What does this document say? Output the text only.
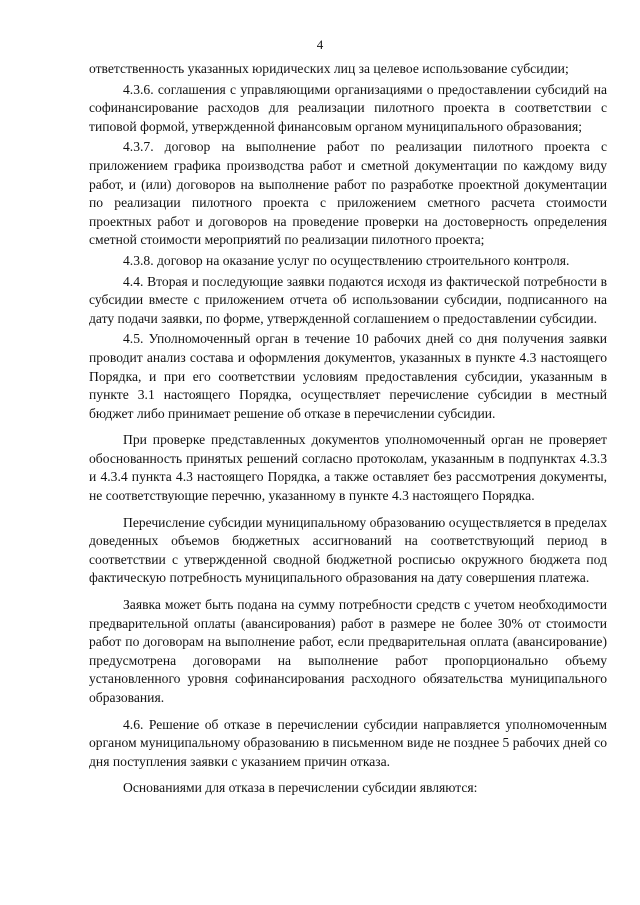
4

ответственность указанных юридических лиц за целевое использование субсидии;

4.3.6. соглашения с управляющими организациями о предоставлении субсидий на софинансирование расходов для реализации пилотного проекта в соответствии с типовой формой, утвержденной финансовым органом муниципального образования;

4.3.7. договор на выполнение работ по реализации пилотного проекта с приложением графика производства работ и сметной документации по каждому виду работ, и (или) договоров на выполнение работ по разработке проектной документации по реализации пилотного проекта с приложением сметного расчета стоимости проектных работ и договоров на проведение проверки на достоверность определения сметной стоимости мероприятий по реализации пилотного проекта;

4.3.8. договор на оказание услуг по осуществлению строительного контроля.

4.4. Вторая и последующие заявки подаются исходя из фактической потребности в субсидии вместе с приложением отчета об использовании субсидии, подписанного на дату подачи заявки, по форме, утвержденной соглашением о предоставлении субсидии.

4.5. Уполномоченный орган в течение 10 рабочих дней со дня получения заявки проводит анализ состава и оформления документов, указанных в пункте 4.3 настоящего Порядка, и при его соответствии условиям предоставления субсидии, указанным в пункте 3.1 настоящего Порядка, осуществляет перечисление субсидии в местный бюджет либо принимает решение об отказе в перечислении субсидии.

При проверке представленных документов уполномоченный орган не проверяет обоснованность принятых решений согласно протоколам, указанным в подпунктах 4.3.3 и 4.3.4 пункта 4.3 настоящего Порядка, а также оставляет без рассмотрения документы, не соответствующие перечню, указанному в пункте 4.3 настоящего Порядка.

Перечисление субсидии муниципальному образованию осуществляется в пределах доведенных объемов бюджетных ассигнований на соответствующий период в соответствии с утвержденной сводной бюджетной росписью окружного бюджета под фактическую потребность муниципального образования на дату совершения платежа.

Заявка может быть подана на сумму потребности средств с учетом необходимости предварительной оплаты (авансирования) работ в размере не более 30% от стоимости работ по договорам на выполнение работ, если предварительная оплата (авансирование) предусмотрена договорами на выполнение работ пропорционально объему установленного уровня софинансирования расходного обязательства муниципального образования.

4.6. Решение об отказе в перечислении субсидии направляется уполномоченным органом муниципальному образованию в письменном виде не позднее 5 рабочих дней со дня поступления заявки с указанием причин отказа.

Основаниями для отказа в перечислении субсидии являются:
